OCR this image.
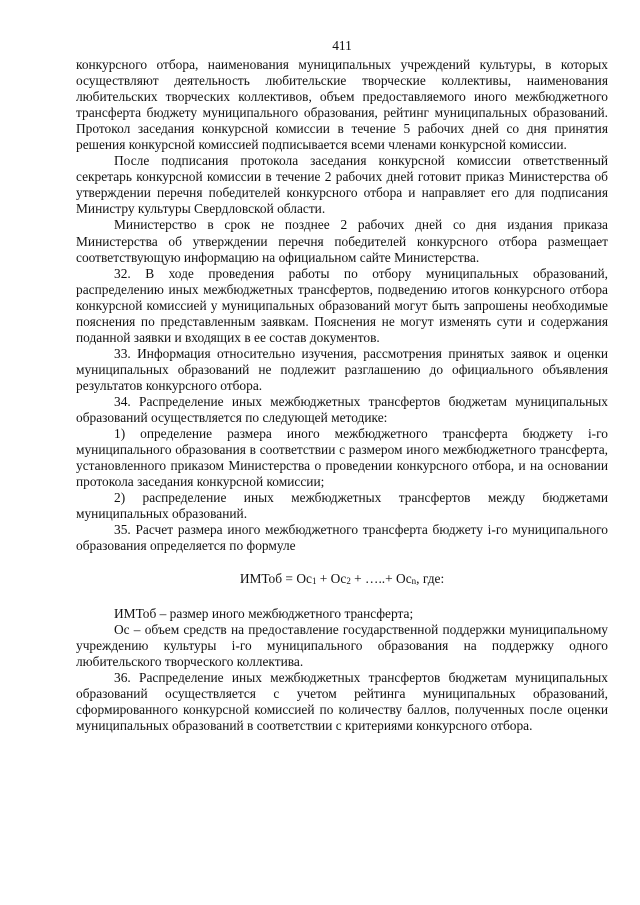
411

конкурсного отбора, наименования муниципальных учреждений культуры, в которых осуществляют деятельность любительские творческие коллективы, наименования любительских творческих коллективов, объем предоставляемого иного межбюджетного трансферта бюджету муниципального образования, рейтинг муниципальных образований. Протокол заседания конкурсной комиссии в течение 5 рабочих дней со дня принятия решения конкурсной комиссией подписывается всеми членами конкурсной комиссии.

После подписания протокола заседания конкурсной комиссии ответственный секретарь конкурсной комиссии в течение 2 рабочих дней готовит приказ Министерства об утверждении перечня победителей конкурсного отбора и направляет его для подписания Министру культуры Свердловской области.

Министерство в срок не позднее 2 рабочих дней со дня издания приказа Министерства об утверждении перечня победителей конкурсного отбора размещает соответствующую информацию на официальном сайте Министерства.

32. В ходе проведения работы по отбору муниципальных образований, распределению иных межбюджетных трансфертов, подведению итогов конкурсного отбора конкурсной комиссией у муниципальных образований могут быть запрошены необходимые пояснения по представленным заявкам. Пояснения не могут изменять сути и содержания поданной заявки и входящих в ее состав документов.

33. Информация относительно изучения, рассмотрения принятых заявок и оценки муниципальных образований не подлежит разглашению до официального объявления результатов конкурсного отбора.

34. Распределение иных межбюджетных трансфертов бюджетам муниципальных образований осуществляется по следующей методике:

1) определение размера иного межбюджетного трансферта бюджету i-го муниципального образования в соответствии с размером иного межбюджетного трансферта, установленного приказом Министерства о проведении конкурсного отбора, и на основании протокола заседания конкурсной комиссии;

2) распределение иных межбюджетных трансфертов между бюджетами муниципальных образований.

35. Расчет размера иного межбюджетного трансферта бюджету i-го муниципального образования определяется по формуле

ИМТоб = $Ос_1 + Ос_2$ + …..+ $Ос_n$, где:

ИМТоб – размер иного межбюджетного трансферта;

Ос – объем средств на предоставление государственной поддержки муниципальному учреждению культуры i-го муниципального образования на поддержку одного любительского творческого коллектива.

36. Распределение иных межбюджетных трансфертов бюджетам муниципальных образований осуществляется с учетом рейтинга муниципальных образований, сформированного конкурсной комиссией по количеству баллов, полученных после оценки муниципальных образований в соответствии с критериями конкурсного отбора.
